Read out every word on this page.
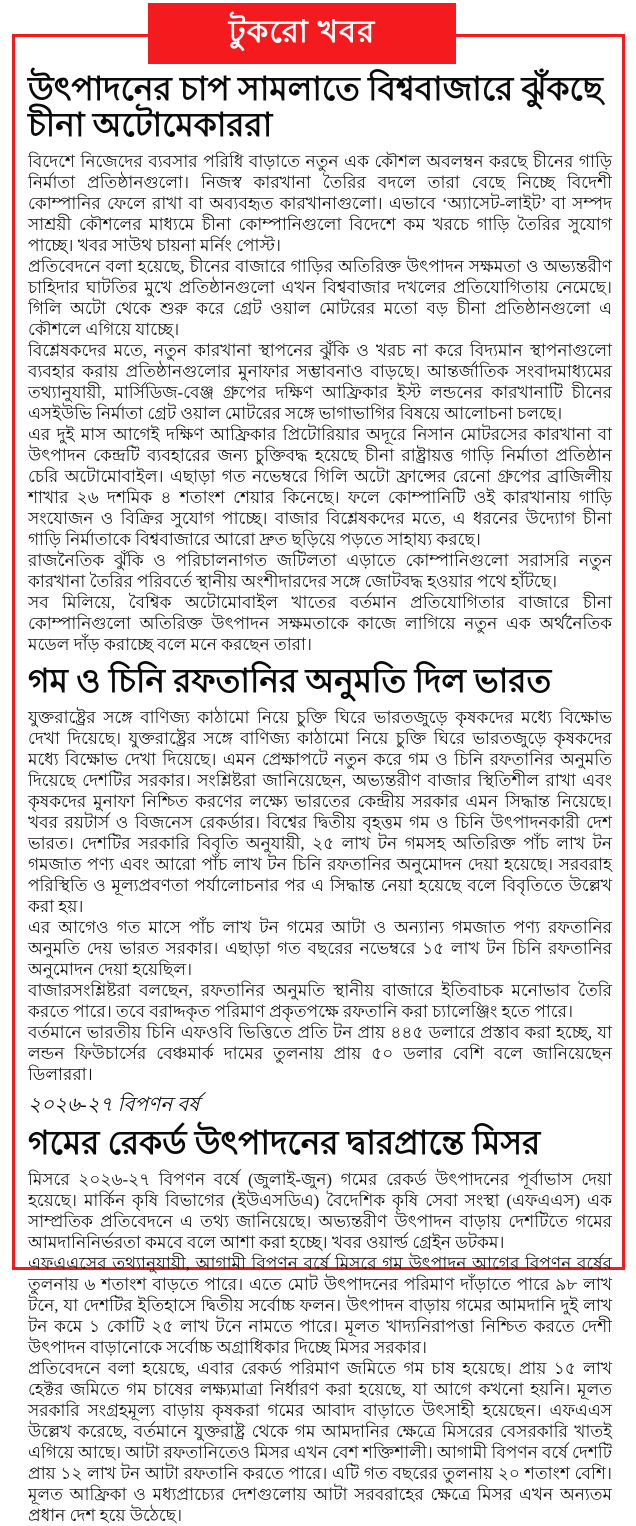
টুকরো খবর
উৎপাদনের চাপ সামলাতে বিশ্ববাজারে ঝুঁকছে চীনা অটোমেকাররা

বিদেশে নিজেদের ব্যবসার পরিধি বাড়াতে নতুন এক কৌশল অবলম্বন করছে চীনের গাড়ি নির্মাতা প্রতিষ্ঠানগুলো। নিজস্ব কারখানা তৈরির বদলে তারা বেছে নিচ্ছে বিদেশী কোম্পানির ফেলে রাখা বা অব্যবহৃত কারখানাগুলো। এভাবে ‘অ্যাসেট-লাইট’ বা সম্পদ সাশ্রয়ী কৌশলের মাধ্যমে চীনা কোম্পানিগুলো বিদেশে কম খরচে গাড়ি তৈরির সুযোগ পাচ্ছে। খবর সাউথ চায়না মর্নিং পোস্ট।

প্রতিবেদনে বলা হয়েছে, চীনের বাজারে গাড়ির অতিরিক্ত উৎপাদন সক্ষমতা ও অভ্যন্তরীণ চাহিদার ঘাটতির মুখে প্রতিষ্ঠানগুলো এখন বিশ্ববাজার দখলের প্রতিযোগিতায় নেমেছে। গিলি অটো থেকে শুরু করে গ্রেট ওয়াল মোটরের মতো বড় চীনা প্রতিষ্ঠানগুলো এ কৌশলে এগিয়ে যাচ্ছে।

বিশ্লেষকদের মতে, নতুন কারখানা স্থাপনের ঝুঁকি ও খরচ না করে বিদ্যমান স্থাপনাগুলো ব্যবহার করায় প্রতিষ্ঠানগুলোর মুনাফার সম্ভাবনাও বাড়ছে। আন্তর্জাতিক সংবাদমাধ্যমের তথ্যানুযায়ী, মার্সিডিজ-বেঞ্জ গ্রুপের দক্ষিণ আফ্রিকার ইস্ট লন্ডনের কারখানাটি চীনের এসইউভি নির্মাতা গ্রেট ওয়াল মোটরের সঙ্গে ভাগাভাগির বিষয়ে আলোচনা চলছে।

এর দুই মাস আগেই দক্ষিণ আফ্রিকার প্রিটোরিয়ার অদূরে নিসান মোটরসের কারখানা বা উৎপাদন কেন্দ্রটি ব্যবহারের জন্য চুক্তিবদ্ধ হয়েছে চীনা রাষ্ট্রায়ত্ত গাড়ি নির্মাতা প্রতিষ্ঠান চেরি অটোমোবাইল। এছাড়া গত নভেম্বরে গিলি অটো ফ্রান্সের রেনো গ্রুপের ব্রাজিলীয় শাখার ২৬ দশমিক ৪ শতাংশ শেয়ার কিনেছে। ফলে কোম্পানিটি ওই কারখানায় গাড়ি সংযোজন ও বিক্রির সুযোগ পাচ্ছে। বাজার বিশ্লেষকদের মতে, এ ধরনের উদ্যোগ চীনা গাড়ি নির্মাতাকে বিশ্ববাজারে আরো দ্রুত ছড়িয়ে পড়তে সাহায্য করছে।

রাজনৈতিক ঝুঁকি ও পরিচালনাগত জটিলতা এড়াতে কোম্পানিগুলো সরাসরি নতুন কারখানা তৈরির পরিবর্তে স্থানীয় অংশীদারদের সঙ্গে জোটবদ্ধ হওয়ার পথে হাঁটছে।

সব মিলিয়ে, বৈশ্বিক অটোমোবাইল খাতের বর্তমান প্রতিযোগিতার বাজারে চীনা কোম্পানিগুলো অতিরিক্ত উৎপাদন সক্ষমতাকে কাজে লাগিয়ে নতুন এক অর্থনৈতিক মডেল দাঁড় করাচ্ছে বলে মনে করছেন তারা।

গম ও চিনি রফতানির অনুমতি দিল ভারত

যুক্তরাষ্ট্রের সঙ্গে বাণিজ্য কাঠামো নিয়ে চুক্তি ঘিরে ভারতজুড়ে কৃষকদের মধ্যে বিক্ষোভ দেখা দিয়েছে। যুক্তরাষ্ট্রের সঙ্গে বাণিজ্য কাঠামো নিয়ে চুক্তি ঘিরে ভারতজুড়ে কৃষকদের মধ্যে বিক্ষোভ দেখা দিয়েছে। এমন প্রেক্ষাপটে নতুন করে গম ও চিনি রফতানির অনুমতি দিয়েছে দেশটির সরকার। সংশ্লিষ্টরা জানিয়েছেন, অভ্যন্তরীণ বাজার স্থিতিশীল রাখা এবং কৃষকদের মুনাফা নিশ্চিত করণের লক্ষ্যে ভারতের কেন্দ্রীয় সরকার এমন সিদ্ধান্ত নিয়েছে। খবর রয়টার্স ও বিজনেস রেকর্ডার। বিশ্বের দ্বিতীয় বৃহত্তম গম ও চিনি উৎপাদনকারী দেশ ভারত। দেশটির সরকারি বিবৃতি অনুযায়ী, ২৫ লাখ টন গমসহ অতিরিক্ত পাঁচ লাখ টন গমজাত পণ্য এবং আরো পাঁচ লাখ টন চিনি রফতানির অনুমোদন দেয়া হয়েছে। সরবরাহ পরিস্থিতি ও মূল্যপ্রবণতা পর্যালোচনার পর এ সিদ্ধান্ত নেয়া হয়েছে বলে বিবৃতিতে উল্লেখ করা হয়।

এর আগেও গত মাসে পাঁচ লাখ টন গমের আটা ও অন্যান্য গমজাত পণ্য রফতানির অনুমতি দেয় ভারত সরকার। এছাড়া গত বছরের নভেম্বরে ১৫ লাখ টন চিনি রফতানির অনুমোদন দেয়া হয়েছিল।

বাজারসংশ্লিষ্টরা বলছেন, রফতানির অনুমতি স্থানীয় বাজারে ইতিবাচক মনোভাব তৈরি করতে পারে। তবে বরাদ্দকৃত পরিমাণ প্রকৃতপক্ষে রফতানি করা চ্যালেঞ্জিং হতে পারে।

বর্তমানে ভারতীয় চিনি এফওবি ভিত্তিতে প্রতি টন প্রায় ৪৪৫ ডলারে প্রস্তাব করা হচ্ছে, যা লন্ডন ফিউচার্সের বেঞ্চমার্ক দামের তুলনায় প্রায় ৫০ ডলার বেশি বলে জানিয়েছেন ডিলাররা।

২০২৬-২৭ বিপণন বর্ষ
গমের রেকর্ড উৎপাদনের দ্বারপ্রান্তে মিসর

মিসরে ২০২৬-২৭ বিপণন বর্ষে (জুলাই-জুন) গমের রেকর্ড উৎপাদনের পূর্বাভাস দেয়া হয়েছে। মার্কিন কৃষি বিভাগের (ইউএসডিএ) বৈদেশিক কৃষি সেবা সংস্থা (এফএএস) এক সাম্প্রতিক প্রতিবেদনে এ তথ্য জানিয়েছে। অভ্যন্তরীণ উৎপাদন বাড়ায় দেশটিতে গমের আমদানিনির্ভরতা কমবে বলে আশা করা হচ্ছে। খবর ওয়ার্ল্ড গ্রেইন ডটকম।

এফএএসের তথ্যানুযায়ী, আগামী বিপণন বর্ষে মিসরে গম উৎপাদন আগের বিপণন বর্ষের তুলনায় ৬ শতাংশ বাড়তে পারে। এতে মোট উৎপাদনের পরিমাণ দাঁড়াতে পারে ৯৮ লাখ টনে, যা দেশটির ইতিহাসে দ্বিতীয় সর্বোচ্চ ফলন। উৎপাদন বাড়ায় গমের আমদানি দুই লাখ টন কমে ১ কোটি ২৫ লাখ টনে নামতে পারে। মূলত খাদ্যনিরাপত্তা নিশ্চিত করতে দেশী উৎপাদন বাড়ানোকে সর্বোচ্চ অগ্রাধিকার দিচ্ছে মিসর সরকার।

প্রতিবেদনে বলা হয়েছে, এবার রেকর্ড পরিমাণ জমিতে গম চাষ হয়েছে। প্রায় ১৫ লাখ হেক্টর জমিতে গম চাষের লক্ষ্যমাত্রা নির্ধারণ করা হয়েছে, যা আগে কখনো হয়নি। মূলত সরকারি সংগ্রহমূল্য বাড়ায় কৃষকরা গমের আবাদ বাড়াতে উৎসাহী হয়েছেন। এফএএস উল্লেখ করেছে, বর্তমানে যুক্তরাষ্ট্র থেকে গম আমদানির ক্ষেত্রে মিসরের বেসরকারি খাতই এগিয়ে আছে। আটা রফতানিতেও মিসর এখন বেশ শক্তিশালী। আগামী বিপণন বর্ষে দেশটি প্রায় ১২ লাখ টন আটা রফতানি করতে পারে। এটি গত বছরের তুলনায় ২০ শতাংশ বেশি। মূলত আফ্রিকা ও মধ্যপ্রাচ্যের দেশগুলোয় আটা সরবরাহের ক্ষেত্রে মিসর এখন অন্যতম প্রধান দেশ হয়ে উঠেছে।
